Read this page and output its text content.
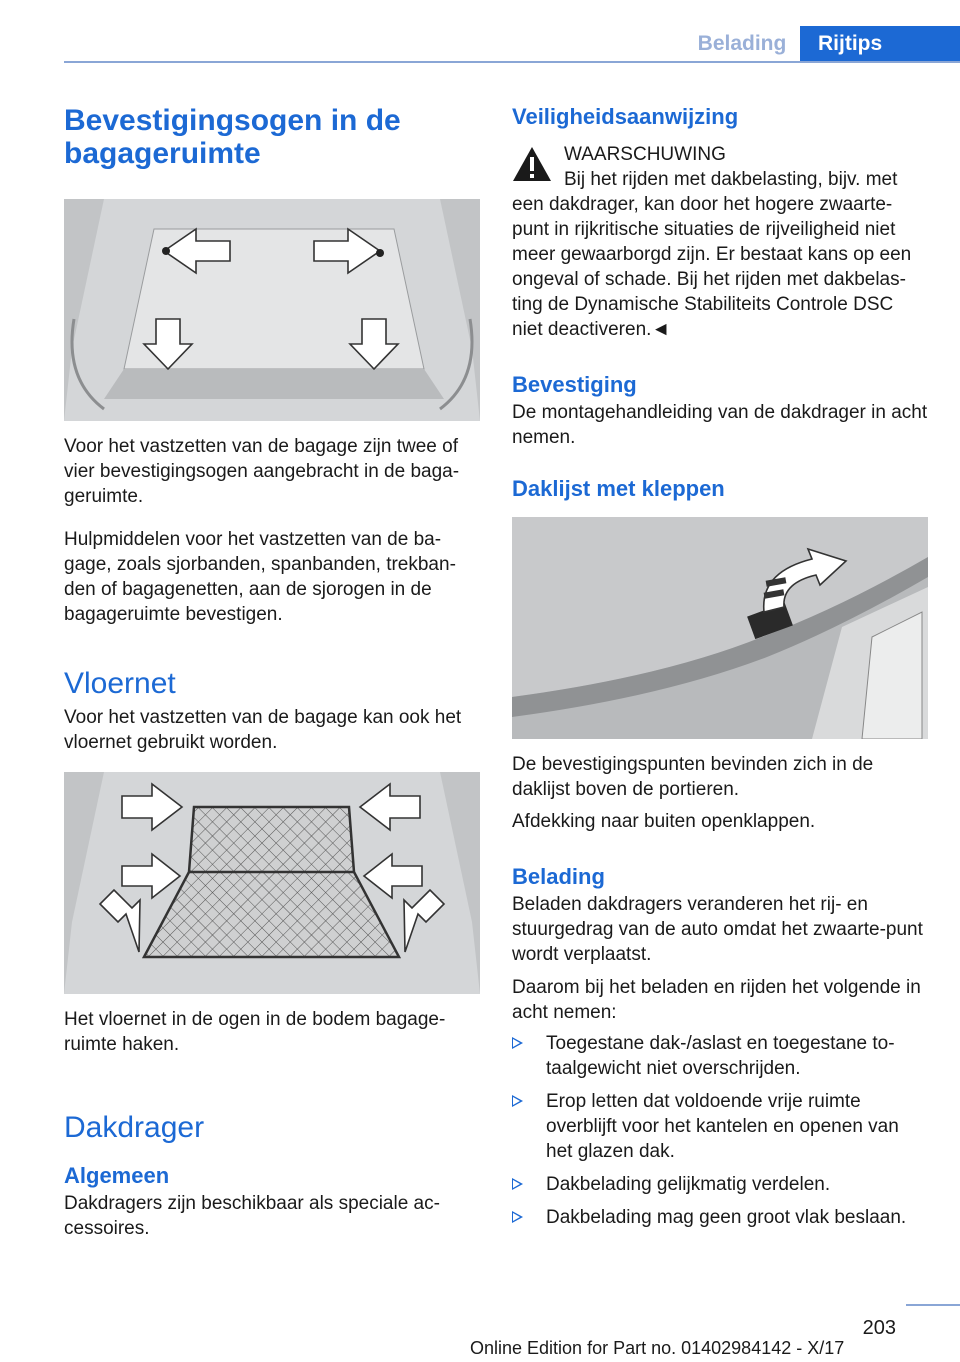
Belading	Rijtips
Bevestigingsogen in de bagageruimte

Voor het vastzetten van de bagage zijn twee of vier bevestigingsogen aangebracht in de baga‐geruimte.

Hulpmiddelen voor het vastzetten van de ba‐gage, zoals sjorbanden, spanbanden, trekban‐den of bagagenetten, aan de sjorogen in de bagageruimte bevestigen.

Vloernet

Voor het vastzetten van de bagage kan ook het vloernet gebruikt worden.

Het vloernet in de ogen in de bodem bagage‐ruimte haken.

Dakdrager
Algemeen

Dakdragers zijn beschikbaar als speciale ac‐cessoires.

Veiligheidsaanwijzing
WAARSCHUWING

Bij het rijden met dakbelasting, bijv. met een dakdrager, kan door het hogere zwaarte‐punt in rijkritische situaties de rijveiligheid niet meer gewaarborgd zijn. Er bestaat kans op een ongeval of schade. Bij het rijden met dakbelas‐ting de Dynamische Stabiliteits Controle DSC niet deactiveren.◄

Bevestiging

De montagehandleiding van de dakdrager in acht nemen.

Daklijst met kleppen

De bevestigingspunten bevinden zich in de daklijst boven de portieren.

Afdekking naar buiten openklappen.

Belading

Beladen dakdragers veranderen het rij- en stuurgedrag van de auto omdat het zwaarte‐punt wordt verplaatst.

Daarom bij het beladen en rijden het volgende in acht nemen:

Toegestane dak-/aslast en toegestane to‐taalgewicht niet overschrijden.
Erop letten dat voldoende vrije ruimte overblijft voor het kantelen en openen van het glazen dak.
Dakbelading gelijkmatig verdelen.
Dakbelading mag geen groot vlak beslaan.
203
Online Edition for Part no. 01402984142 - X/17
